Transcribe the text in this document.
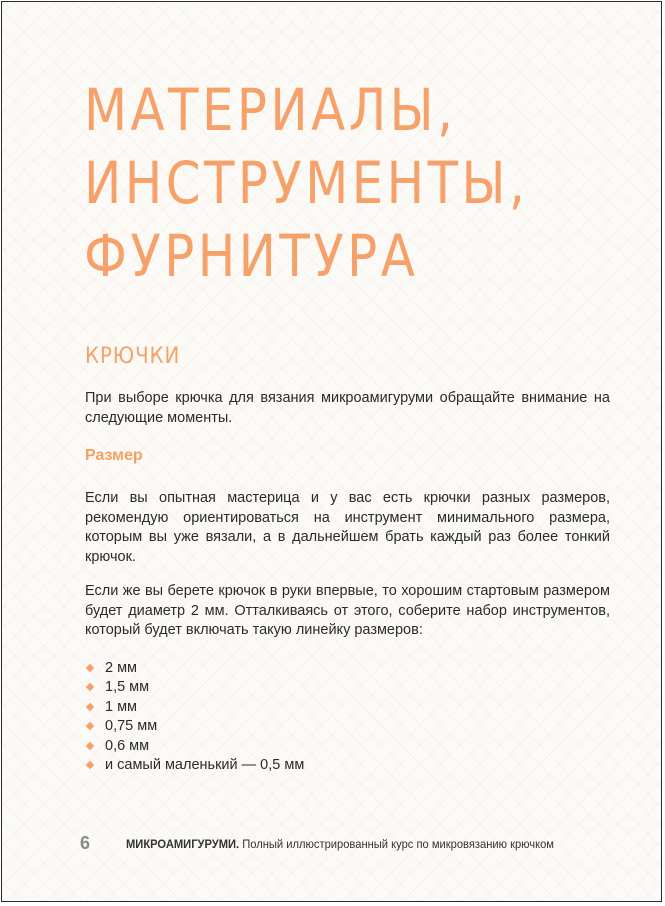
МАТЕРИАЛЫ,
ИНСТРУМЕНТЫ,
ФУРНИТУРА
КРЮЧКИ

При выборе крючка для вязания микроамигуруми обращайте внимание на следующие моменты.

Размер

Если вы опытная мастерица и у вас есть крючки разных размеров, рекомендую ориентироваться на инструмент минимального размера, которым вы уже вязали, а в дальнейшем брать каждый раз более тонкий крючок.

Если же вы берете крючок в руки впервые, то хорошим стартовым размером будет диаметр 2 мм. Отталкиваясь от этого, соберите набор инструментов, который будет включать такую линейку размеров:

2 мм
1,5 мм
1 мм
0,75 мм
0,6 мм
и самый маленький — 0,5 мм
6	МИКРОАМИГУРУМИ. Полный иллюстрированный курс по микровязанию крючком
